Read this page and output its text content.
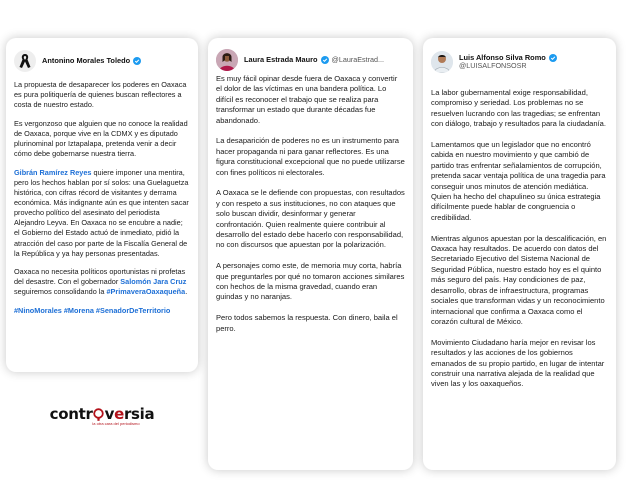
Antonino Morales Toledo

La propuesta de desaparecer los poderes en Oaxaca es pura politiquería de quienes buscan reflectores a costa de nuestro estado.

Es vergonzoso que alguien que no conoce la realidad de Oaxaca, porque vive en la CDMX y es diputado plurinominal por Iztapalapa, pretenda venir a decir cómo debe gobernarse nuestra tierra.

Gibrán Ramírez Reyes quiere imponer una mentira, pero los hechos hablan por sí solos: una Guelaguetza histórica, con cifras récord de visitantes y derrama económica. Más indignante aún es que intenten sacar provecho político del asesinato del periodista Alejandro Leyva. En Oaxaca no se encubre a nadie; el Gobierno del Estado actuó de inmediato, pidió la atracción del caso por parte de la Fiscalía General de la República y ya hay personas presentadas.

Oaxaca no necesita políticos oportunistas ni profetas del desastre. Con el gobernador Salomón Jara Cruz seguiremos consolidando la #PrimaveraOaxaqueña.

#NinoMorales #Morena #SenadorDeTerritorio
Laura Estrada Mauro @LauraEstrad...

Es muy fácil opinar desde fuera de Oaxaca y convertir el dolor de las víctimas en una bandera política. Lo difícil es reconocer el trabajo que se realiza para transformar un estado que durante décadas fue abandonado.

La desaparición de poderes no es un instrumento para hacer propaganda ni para ganar reflectores. Es una figura constitucional excepcional que no puede utilizarse con fines políticos ni electorales.

A Oaxaca se le defiende con propuestas, con resultados y con respeto a sus instituciones, no con ataques que solo buscan dividir, desinformar y generar confrontación. Quien realmente quiere contribuir al desarrollo del estado debe hacerlo con responsabilidad, no con discursos que apuestan por la polarización.

A personajes como este, de memoria muy corta, habría que preguntarles por qué no tomaron acciones similares con hechos de la misma gravedad, cuando eran guindas y no naranjas.

Pero todos sabemos la respuesta. Con dinero, baila el perro.

Luis Alfonso Silva Romo
@LUISALFONSOSR

La labor gubernamental exige responsabilidad, compromiso y seriedad. Los problemas no se resuelven lucrando con las tragedias; se enfrentan con diálogo, trabajo y resultados para la ciudadanía.

Lamentamos que un legislador que no encontró cabida en nuestro movimiento y que cambió de partido tras enfrentar señalamientos de corrupción, pretenda sacar ventaja política de una tragedia para conseguir unos minutos de atención mediática. Quien ha hecho del chapulineo su única estrategia difícilmente puede hablar de congruencia o credibilidad.

Mientras algunos apuestan por la descalificación, en Oaxaca hay resultados. De acuerdo con datos del Secretariado Ejecutivo del Sistema Nacional de Seguridad Pública, nuestro estado hoy es el quinto más seguro del país. Hay condiciones de paz, desarrollo, obras de infraestructura, programas sociales que transforman vidas y un reconocimiento internacional que confirma a Oaxaca como el corazón cultural de México.

Movimiento Ciudadano haría mejor en revisar los resultados y las acciones de los gobiernos emanados de su propio partido, en lugar de intentar construir una narrativa alejada de la realidad que viven las y los oaxaqueños.

contr v e rsia
la otra cara del periodismo
